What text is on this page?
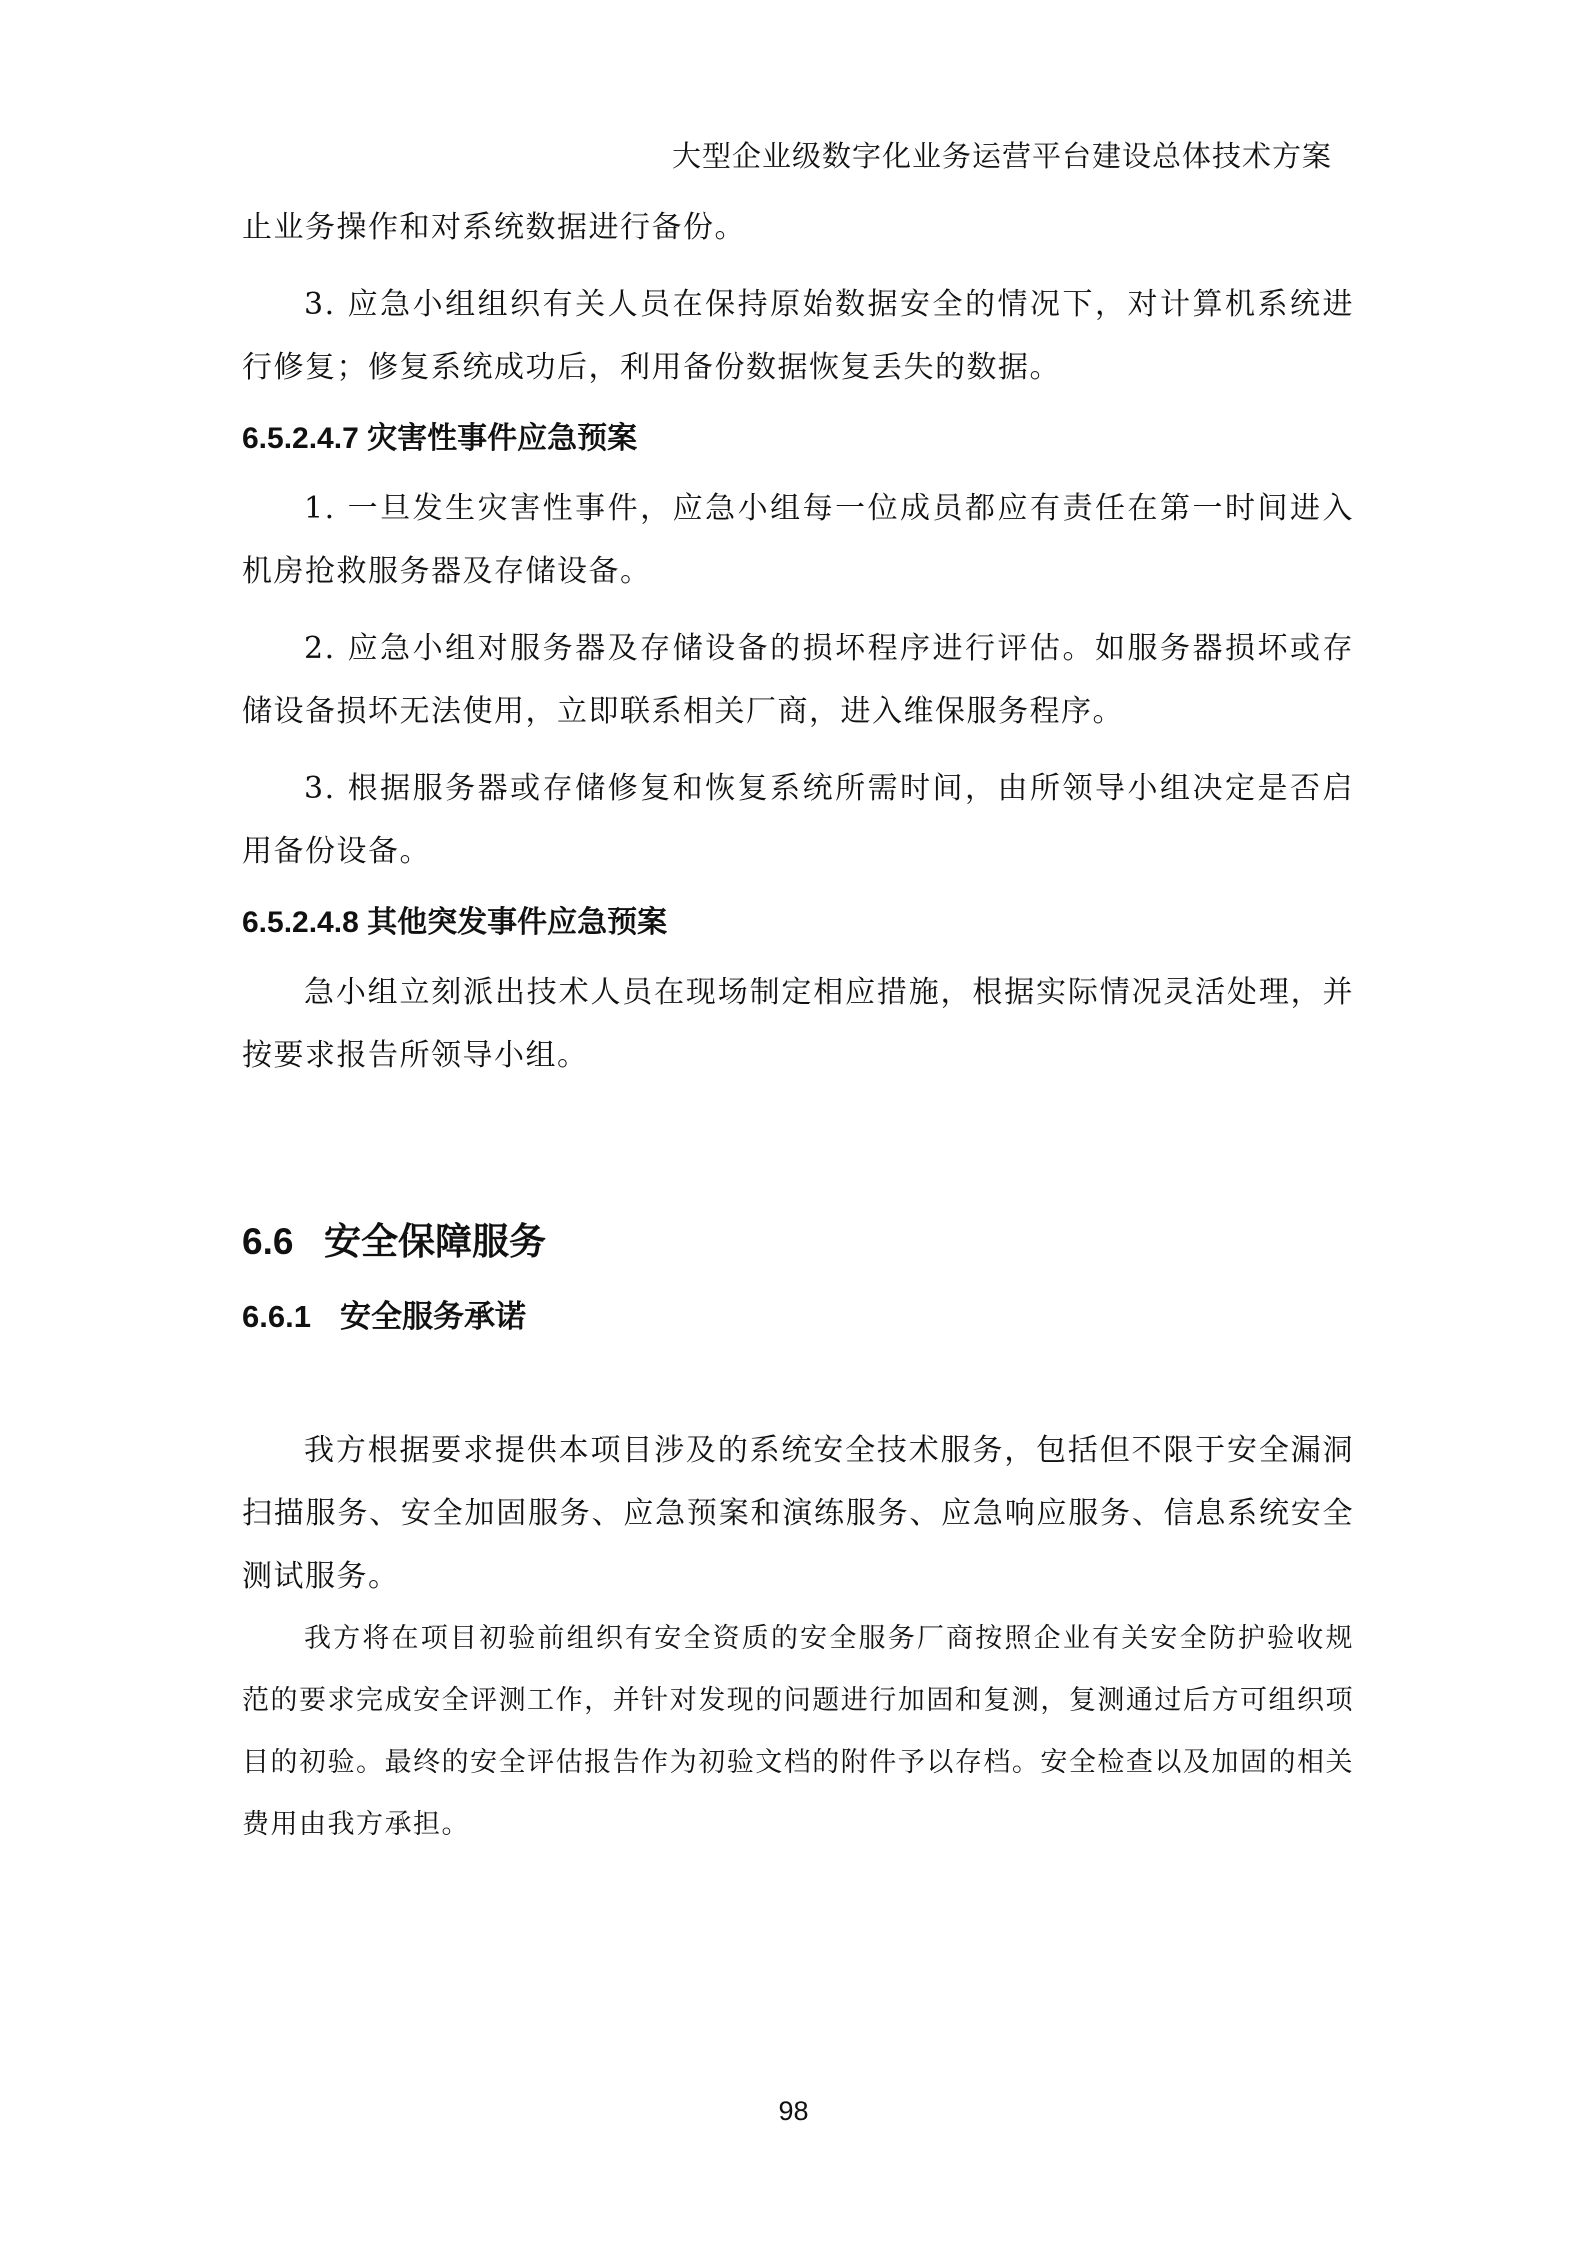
大型企业级数字化业务运营平台建设总体技术方案

止业务操作和对系统数据进行备份。

3. 应急小组组织有关人员在保持原始数据安全的情况下，对计算机系统进行修复；修复系统成功后，利用备份数据恢复丢失的数据。

6.5.2.4.7 灾害性事件应急预案

1. 一旦发生灾害性事件，应急小组每一位成员都应有责任在第一时间进入机房抢救服务器及存储设备。

2. 应急小组对服务器及存储设备的损坏程序进行评估。如服务器损坏或存储设备损坏无法使用，立即联系相关厂商，进入维保服务程序。

3. 根据服务器或存储修复和恢复系统所需时间，由所领导小组决定是否启用备份设备。

6.5.2.4.8 其他突发事件应急预案

急小组立刻派出技术人员在现场制定相应措施，根据实际情况灵活处理，并按要求报告所领导小组。

6.6 安全保障服务
6.6.1 安全服务承诺

我方根据要求提供本项目涉及的系统安全技术服务，包括但不限于安全漏洞扫描服务、安全加固服务、应急预案和演练服务、应急响应服务、信息系统安全测试服务。

我方将在项目初验前组织有安全资质的安全服务厂商按照企业有关安全防护验收规范的要求完成安全评测工作，并针对发现的问题进行加固和复测，复测通过后方可组织项目的初验。最终的安全评估报告作为初验文档的附件予以存档。安全检查以及加固的相关费用由我方承担。

98
